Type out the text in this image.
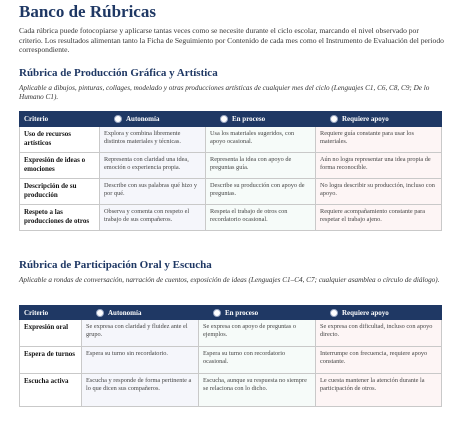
Banco de Rúbricas
Cada rúbrica puede fotocopiarse y aplicarse tantas veces como se necesite durante el ciclo escolar, marcando el nivel observado por criterio. Los resultados alimentan tanto la Ficha de Seguimiento por Contenido de cada mes como el Instrumento de Evaluación del periodo correspondiente.
Rúbrica de Producción Gráfica y Artística
Aplicable a dibujos, pinturas, collages, modelado y otras producciones artísticas de cualquier mes del ciclo (Lenguajes C1, C6, C8, C9; De lo Humano C1).
Criterio	Autonomía	En proceso	Requiere apoyo

Uso de recursos artísticos	Explora y combina libremente distintos materiales y técnicas.	Usa los materiales sugeridos, con apoyo ocasional.	Requiere guía constante para usar los materiales.
Expresión de ideas o emociones	Representa con claridad una idea, emoción o experiencia propia.	Representa la idea con apoyo de preguntas guía.	Aún no logra representar una idea propia de forma reconocible.
Descripción de su producción	Describe con sus palabras qué hizo y por qué.	Describe su producción con apoyo de preguntas.	No logra describir su producción, incluso con apoyo.
Respeto a las producciones de otros	Observa y comenta con respeto el trabajo de sus compañeros.	Respeta el trabajo de otros con recordatorio ocasional.	Requiere acompañamiento constante para respetar el trabajo ajeno.
Rúbrica de Participación Oral y Escucha
Aplicable a rondas de conversación, narración de cuentos, exposición de ideas (Lenguajes C1–C4, C7; cualquier asamblea o círculo de diálogo).
Criterio	Autonomía	En proceso	Requiere apoyo

Expresión oral	Se expresa con claridad y fluidez ante el grupo.	Se expresa con apoyo de preguntas o ejemplos.	Se expresa con dificultad, incluso con apoyo directo.
Espera de turnos	Espera su turno sin recordatorio.	Espera su turno con recordatorio ocasional.	Interrumpe con frecuencia, requiere apoyo constante.
Escucha activa	Escucha y responde de forma pertinente a lo que dicen sus compañeros.	Escucha, aunque su respuesta no siempre se relaciona con lo dicho.	Le cuesta mantener la atención durante la participación de otros.
